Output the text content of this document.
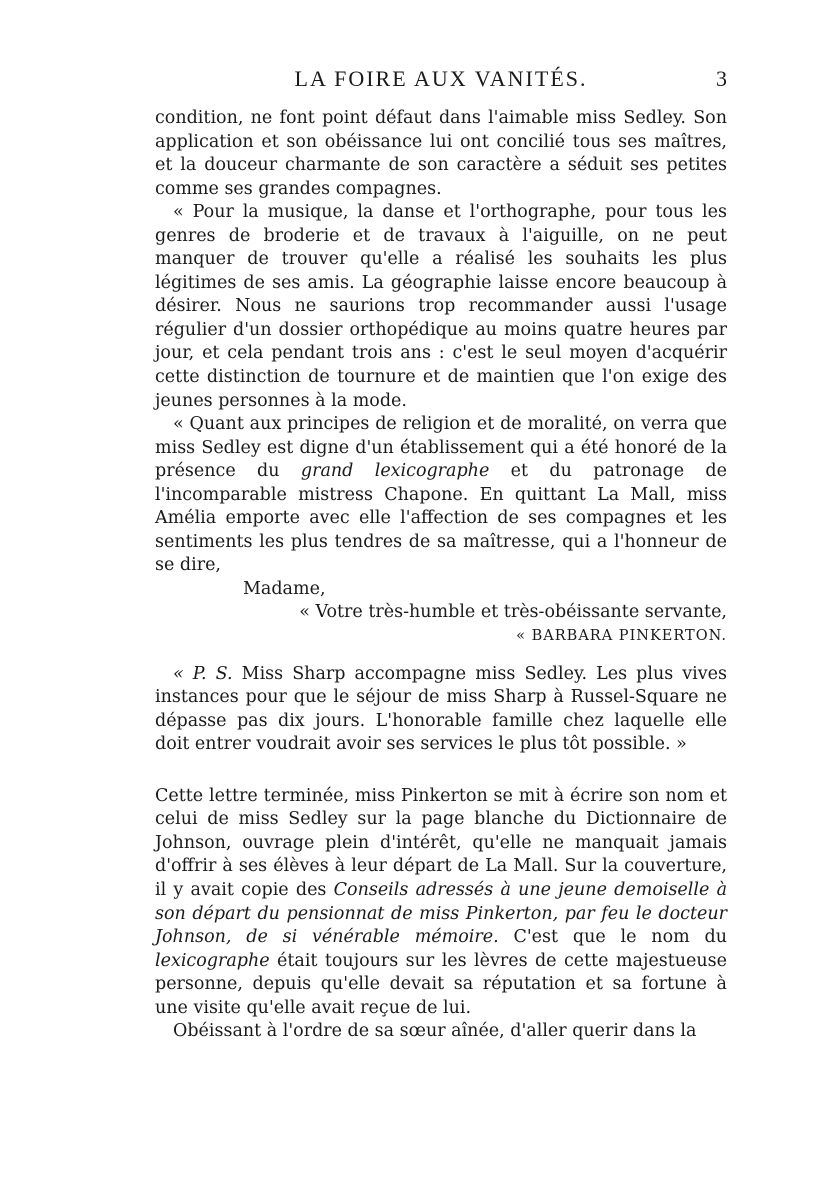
LA FOIRE AUX VANITÉS.	3

condition, ne font point défaut dans l'aimable miss Sedley. Son application et son obéissance lui ont concilié tous ses maîtres, et la douceur charmante de son caractère a séduit ses petites comme ses grandes compagnes.

« Pour la musique, la danse et l'orthographe, pour tous les genres de broderie et de travaux à l'aiguille, on ne peut manquer de trouver qu'elle a réalisé les souhaits les plus légitimes de ses amis. La géographie laisse encore beaucoup à désirer. Nous ne saurions trop recommander aussi l'usage régulier d'un dossier orthopédique au moins quatre heures par jour, et cela pendant trois ans : c'est le seul moyen d'acquérir cette distinction de tournure et de maintien que l'on exige des jeunes personnes à la mode.

« Quant aux principes de religion et de moralité, on verra que miss Sedley est digne d'un établissement qui a été honoré de la présence du grand lexicographe et du patronage de l'incomparable mistress Chapone. En quittant La Mall, miss Amélia emporte avec elle l'affection de ses compagnes et les sentiments les plus tendres de sa maîtresse, qui a l'honneur de se dire,

Madame,

« Votre très-humble et très-obéissante servante,

« BARBARA PINKERTON.

« P. S. Miss Sharp accompagne miss Sedley. Les plus vives instances pour que le séjour de miss Sharp à Russel-Square ne dépasse pas dix jours. L'honorable famille chez laquelle elle doit entrer voudrait avoir ses services le plus tôt possible. »

Cette lettre terminée, miss Pinkerton se mit à écrire son nom et celui de miss Sedley sur la page blanche du Dictionnaire de Johnson, ouvrage plein d'intérêt, qu'elle ne manquait jamais d'offrir à ses élèves à leur départ de La Mall. Sur la couverture, il y avait copie des Conseils adressés à une jeune demoiselle à son départ du pensionnat de miss Pinkerton, par feu le docteur Johnson, de si vénérable mémoire. C'est que le nom du lexicographe était toujours sur les lèvres de cette majestueuse personne, depuis qu'elle devait sa réputation et sa fortune à une visite qu'elle avait reçue de lui.

Obéissant à l'ordre de sa sœur aînée, d'aller querir dans la
